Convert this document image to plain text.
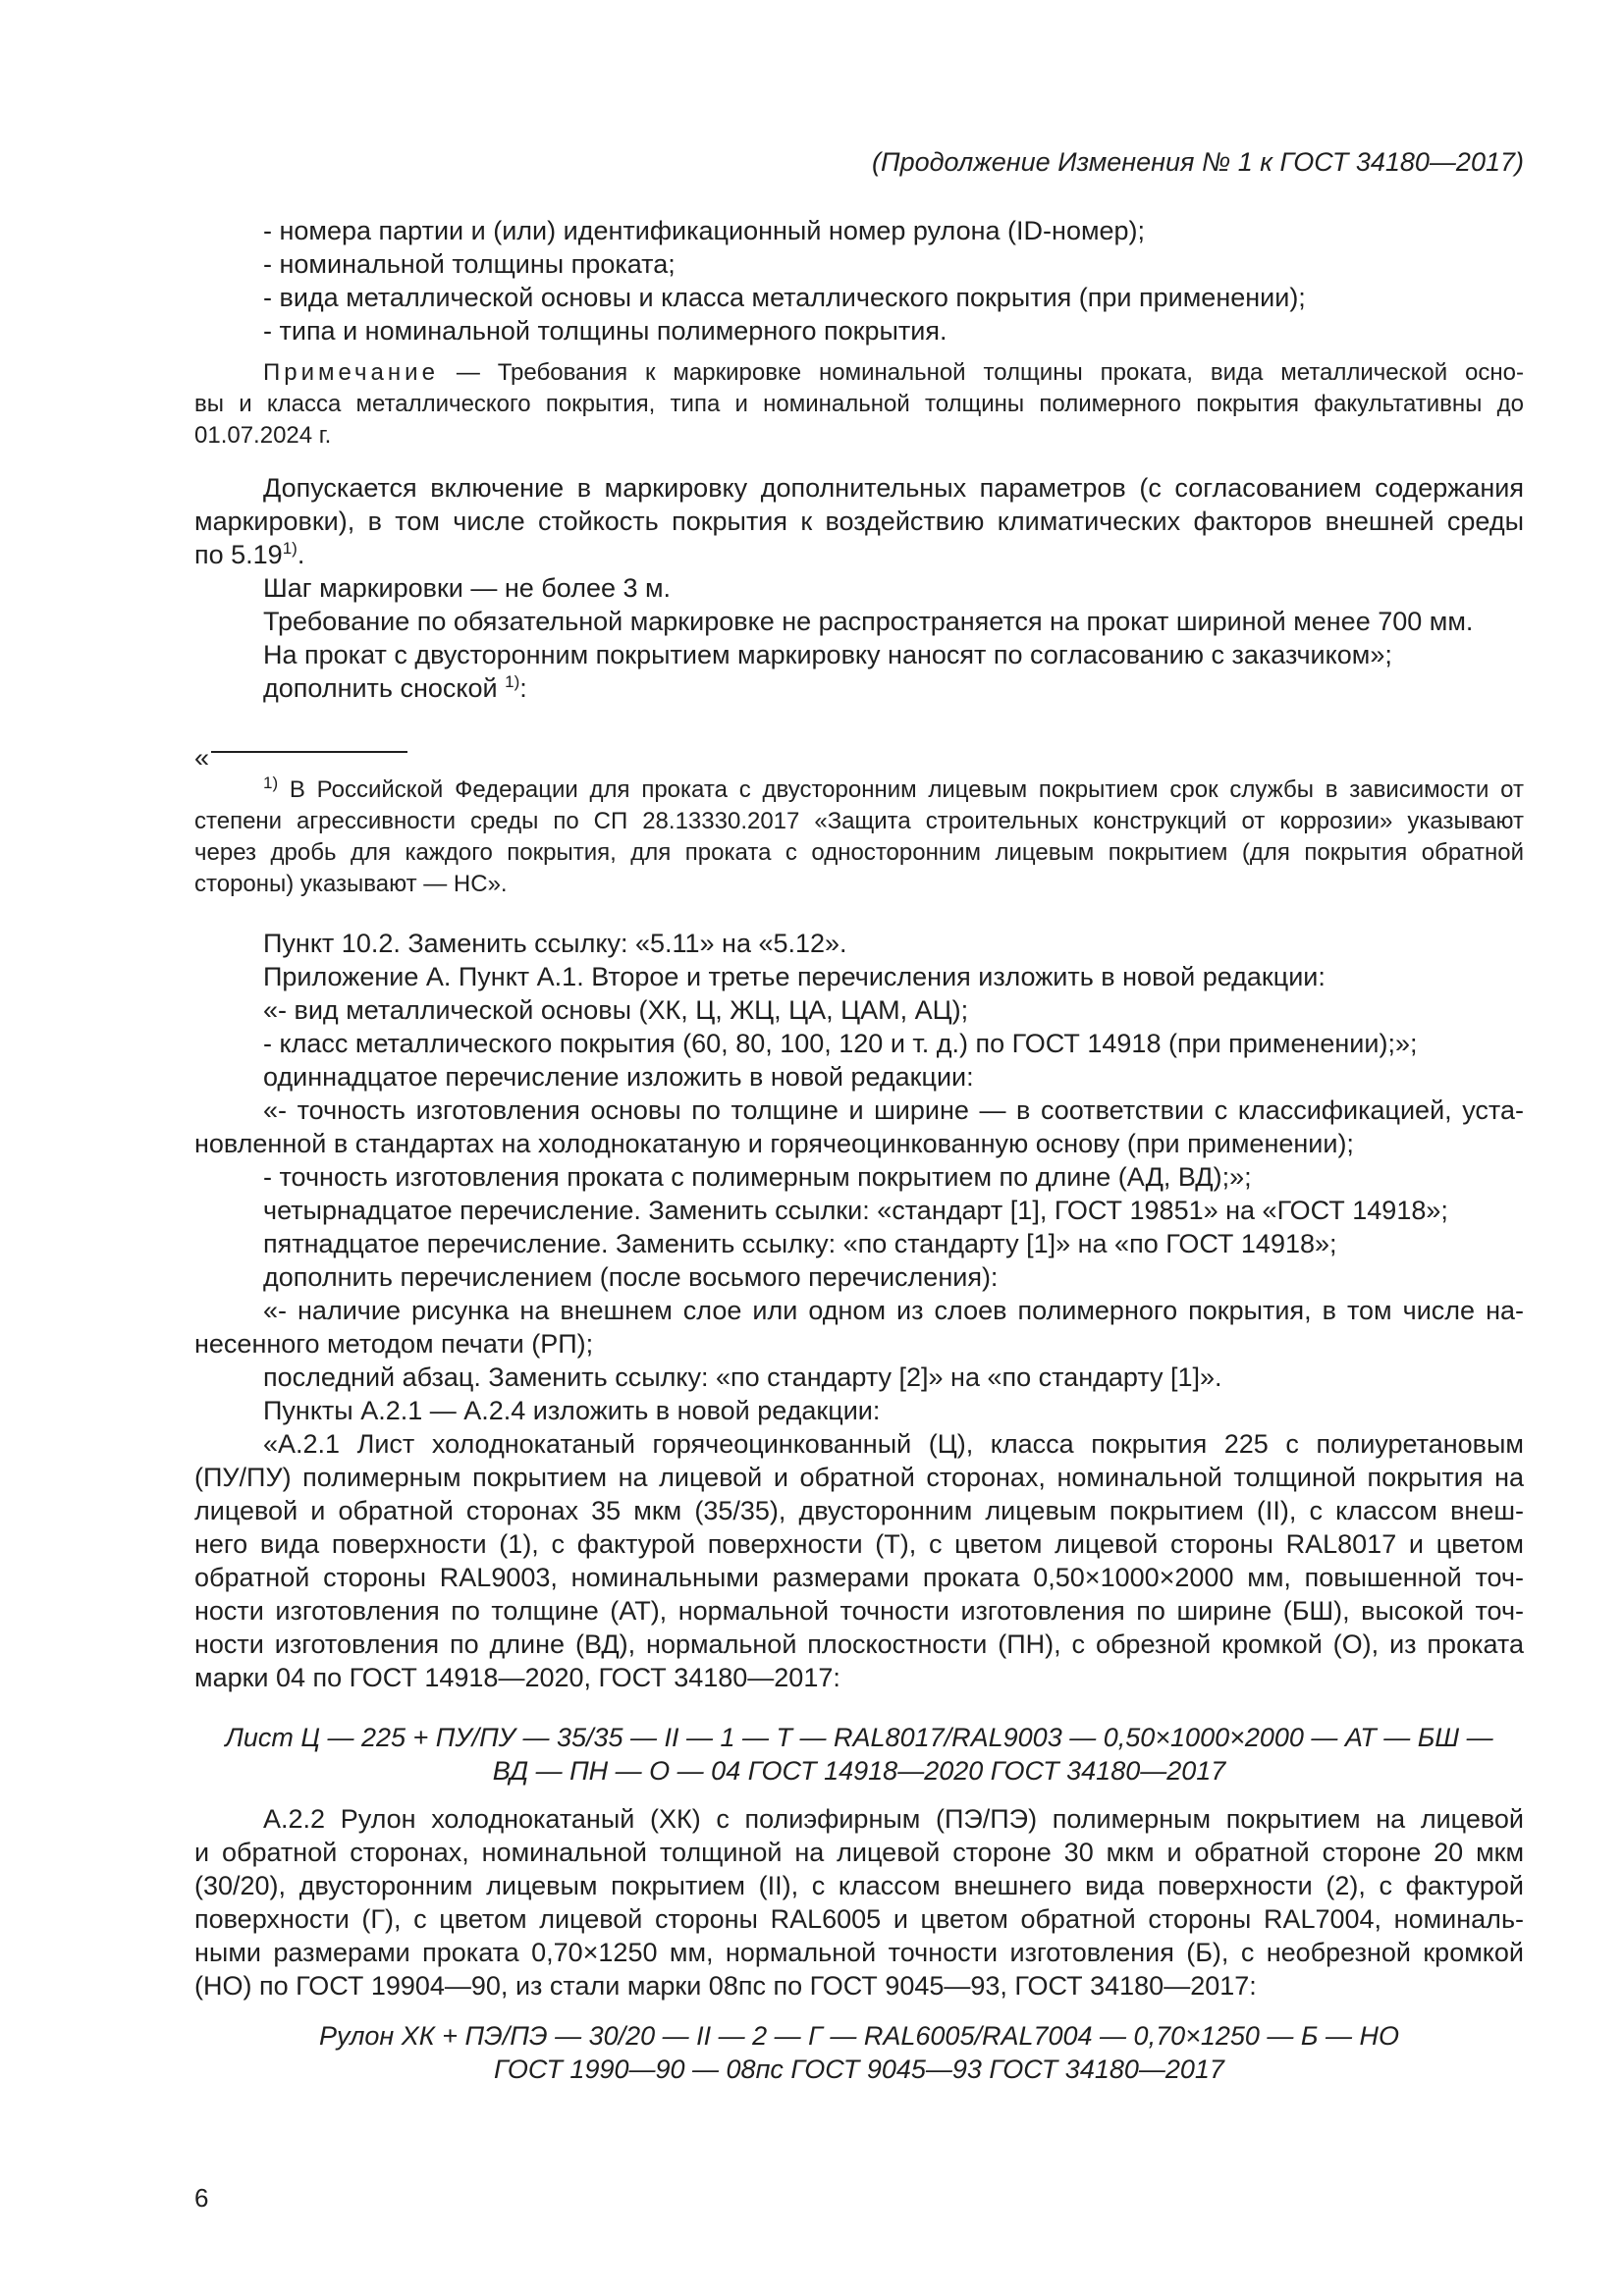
(Продолжение Изменения № 1 к ГОСТ 34180—2017)
- номера партии и (или) идентификационный номер рулона (ID-номер);
- номинальной толщины проката;
- вида металлической основы и класса металлического покрытия (при применении);
- типа и номинальной толщины полимерного покрытия.
Примечание — Требования к маркировке номинальной толщины проката, вида металлической осно-
вы и класса металлического покрытия, типа и номинальной толщины полимерного покрытия факультативны до
01.07.2024 г.
Допускается включение в маркировку дополнительных параметров (с согласованием содержания
маркировки), в том числе стойкость покрытия к воздействию климатических факторов внешней среды
по 5.19$^{1)}$.
Шаг маркировки — не более 3 м.
Требование по обязательной маркировке не распространяется на прокат шириной менее 700 мм.
На прокат с двусторонним покрытием маркировку наносят по согласованию с заказчиком»;
дополнить сноской $^{1)}$:
«
$^{1)}$ В Российской Федерации для проката с двусторонним лицевым покрытием срок службы в зависимости от
степени агрессивности среды по СП 28.13330.2017 «Защита строительных конструкций от коррозии» указывают
через дробь для каждого покрытия, для проката с односторонним лицевым покрытием (для покрытия обратной
стороны) указывают — НС».
Пункт 10.2. Заменить ссылку: «5.11» на «5.12».
Приложение А. Пункт А.1. Второе и третье перечисления изложить в новой редакции:
«- вид металлической основы (ХК, Ц, ЖЦ, ЦА, ЦАМ, АЦ);
- класс металлического покрытия (60, 80, 100, 120 и т. д.) по ГОСТ 14918 (при применении);»;
одиннадцатое перечисление изложить в новой редакции:
«- точность изготовления основы по толщине и ширине — в соответствии с классификацией, уста-
новленной в стандартах на холоднокатаную и горячеоцинкованную основу (при применении);
- точность изготовления проката с полимерным покрытием по длине (АД, ВД);»;
четырнадцатое перечисление. Заменить ссылки: «стандарт [1], ГОСТ 19851» на «ГОСТ 14918»;
пятнадцатое перечисление. Заменить ссылку: «по стандарту [1]» на «по ГОСТ 14918»;
дополнить перечислением (после восьмого перечисления):
«- наличие рисунка на внешнем слое или одном из слоев полимерного покрытия, в том числе на-
несенного методом печати (РП);
последний абзац. Заменить ссылку: «по стандарту [2]» на «по стандарту [1]».
Пункты А.2.1 — А.2.4 изложить в новой редакции:
«А.2.1 Лист холоднокатаный горячеоцинкованный (Ц), класса покрытия 225 с полиуретановым
(ПУ/ПУ) полимерным покрытием на лицевой и обратной сторонах, номинальной толщиной покрытия на
лицевой и обратной сторонах 35 мкм (35/35), двусторонним лицевым покрытием (II), с классом внеш-
него вида поверхности (1), с фактурой поверхности (Т), с цветом лицевой стороны RAL8017 и цветом
обратной стороны RAL9003, номинальными размерами проката 0,50×1000×2000 мм, повышенной точ-
ности изготовления по толщине (АТ), нормальной точности изготовления по ширине (БШ), высокой точ-
ности изготовления по длине (ВД), нормальной плоскостности (ПН), с обрезной кромкой (О), из проката
марки 04 по ГОСТ 14918—2020, ГОСТ 34180—2017:
Лист Ц — 225 + ПУ/ПУ — 35/35 — II — 1 — Т — RAL8017/RAL9003 — 0,50×1000×2000 — АТ — БШ —
ВД — ПН — О — 04 ГОСТ 14918—2020 ГОСТ 34180—2017
А.2.2 Рулон холоднокатаный (ХК) с полиэфирным (ПЭ/ПЭ) полимерным покрытием на лицевой
и обратной сторонах, номинальной толщиной на лицевой стороне 30 мкм и обратной стороне 20 мкм
(30/20), двусторонним лицевым покрытием (II), с классом внешнего вида поверхности (2), с фактурой
поверхности (Г), с цветом лицевой стороны RAL6005 и цветом обратной стороны RAL7004, номиналь-
ными размерами проката 0,70×1250 мм, нормальной точности изготовления (Б), с необрезной кромкой
(НО) по ГОСТ 19904—90, из стали марки 08пс по ГОСТ 9045—93, ГОСТ 34180—2017:
Рулон ХК + ПЭ/ПЭ — 30/20 — II — 2 — Г — RAL6005/RAL7004 — 0,70×1250 — Б — НО
ГОСТ 1990—90 — 08пс ГОСТ 9045—93 ГОСТ 34180—2017
6
